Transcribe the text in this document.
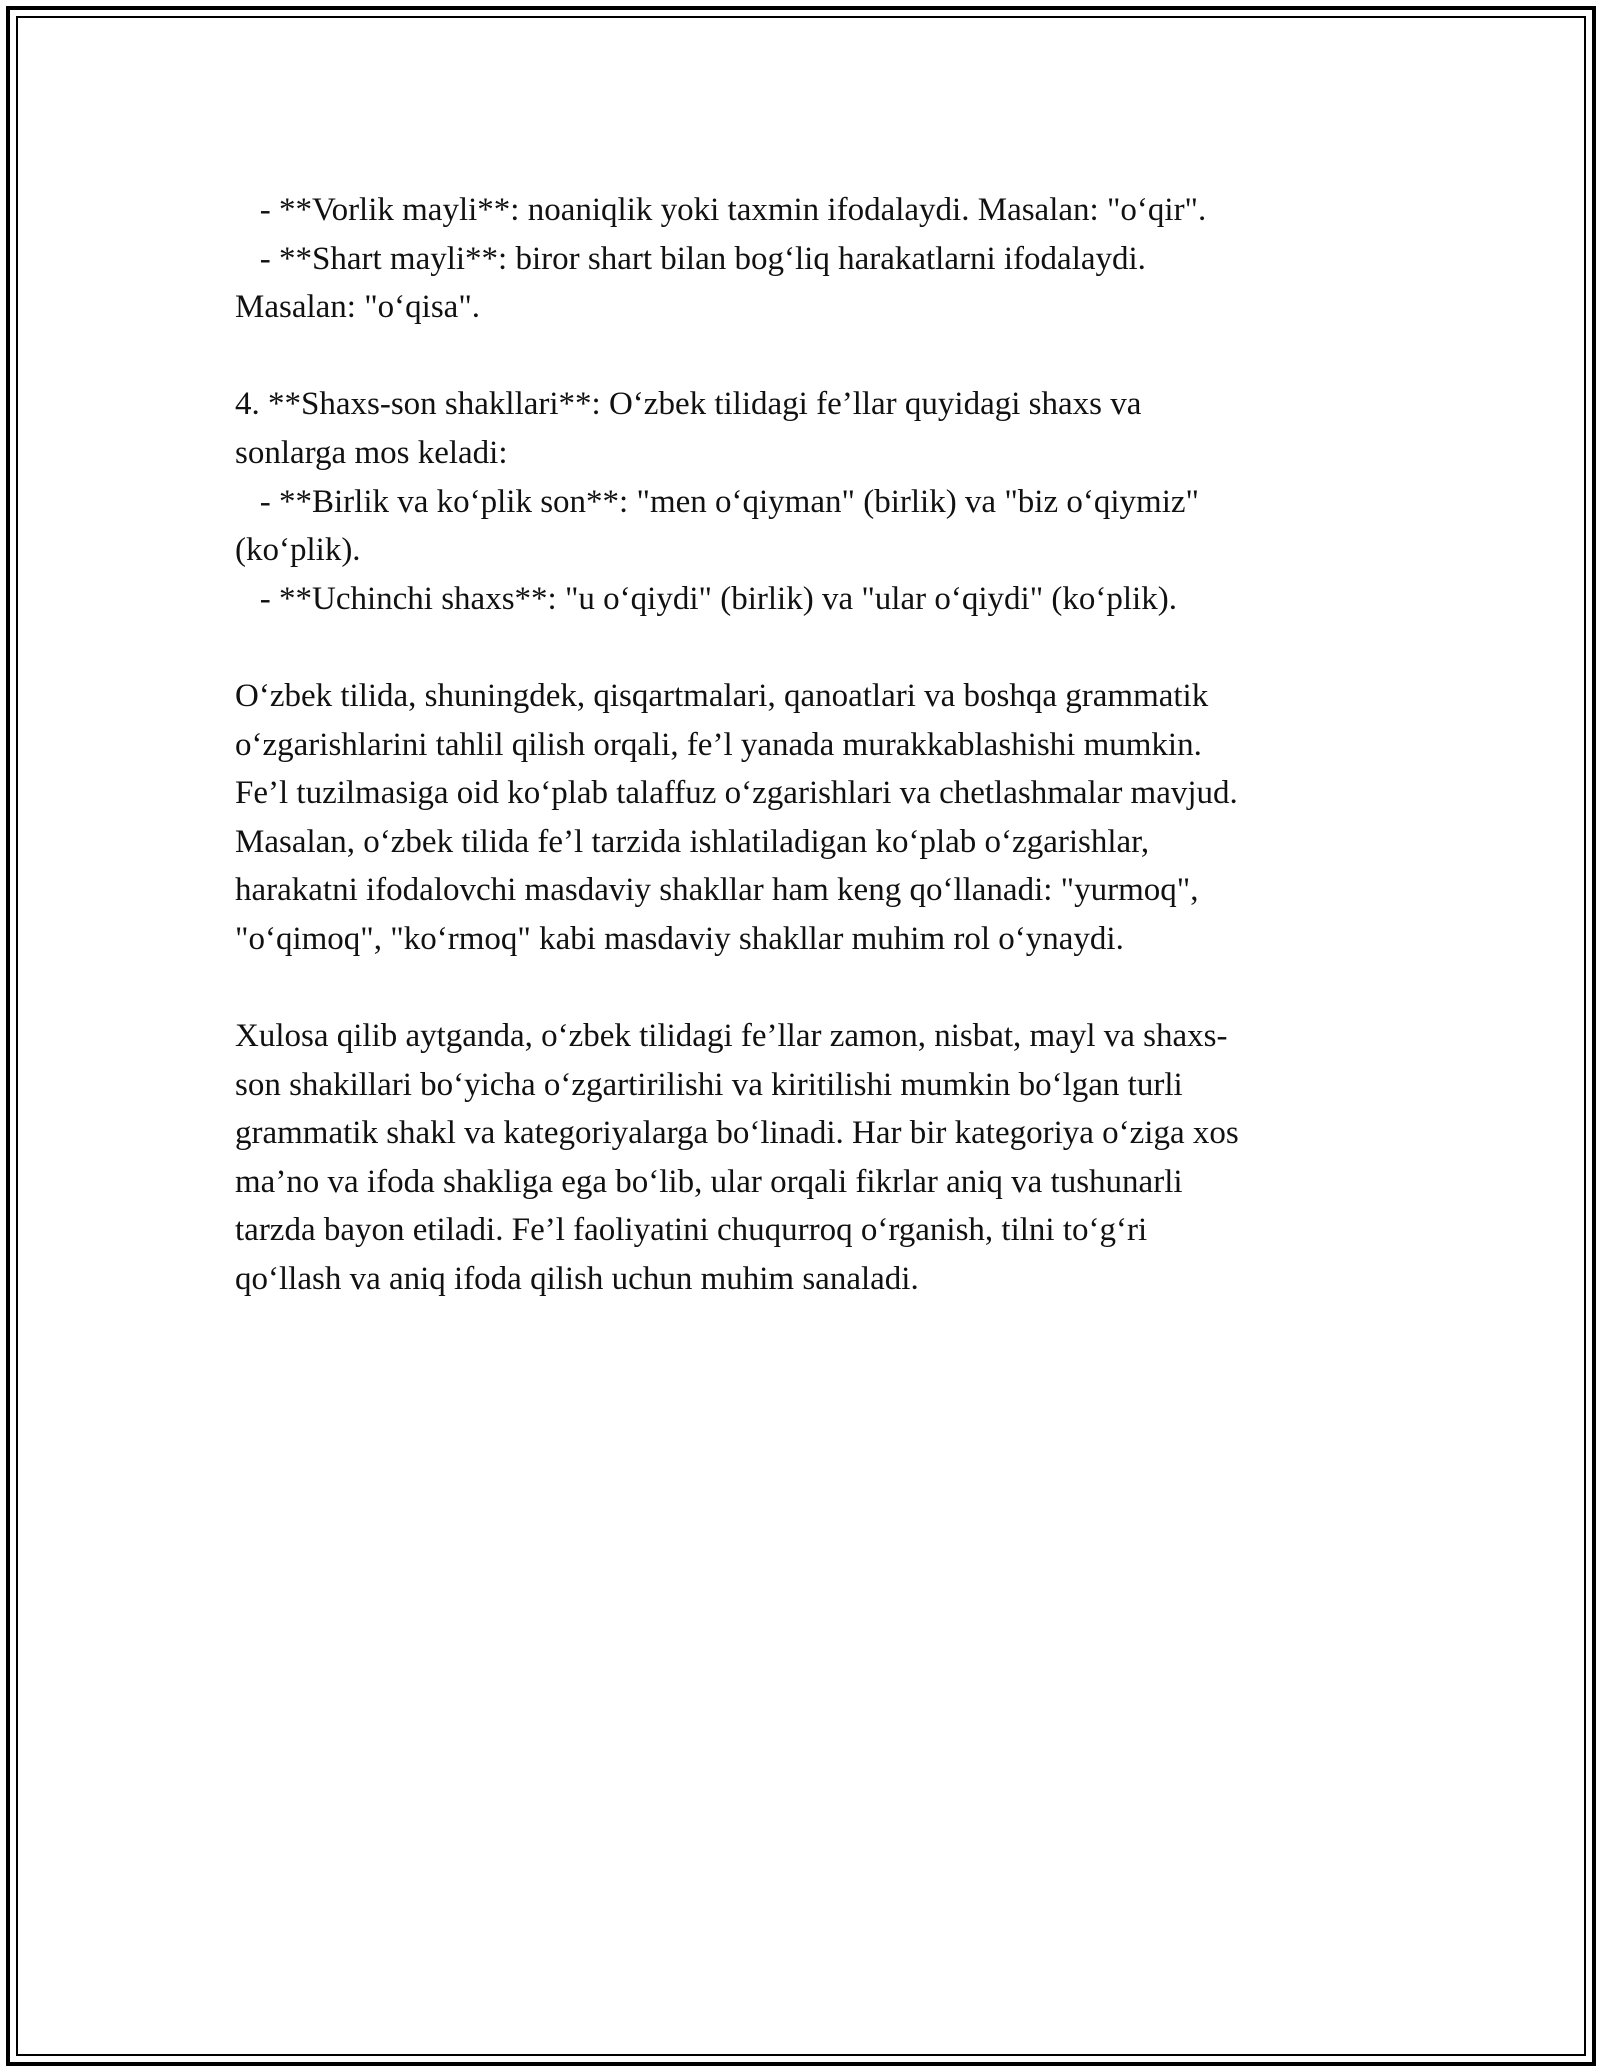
- **Vorlik mayli**: noaniqlik yoki taxmin ifodalaydi. Masalan: "o‘qir".
- **Shart mayli**: biror shart bilan bog‘liq harakatlarni ifodalaydi.
Masalan: "o‘qisa".
4. **Shaxs-son shakllari**: O‘zbek tilidagi fe’llar quyidagi shaxs va
sonlarga mos keladi:
- **Birlik va ko‘plik son**: "men o‘qiyman" (birlik) va "biz o‘qiymiz"
(ko‘plik).
- **Uchinchi shaxs**: "u o‘qiydi" (birlik) va "ular o‘qiydi" (ko‘plik).
O‘zbek tilida, shuningdek, qisqartmalari, qanoatlari va boshqa grammatik
o‘zgarishlarini tahlil qilish orqali, fe’l yanada murakkablashishi mumkin.
Fe’l tuzilmasiga oid ko‘plab talaffuz o‘zgarishlari va chetlashmalar mavjud.
Masalan, o‘zbek tilida fe’l tarzida ishlatiladigan ko‘plab o‘zgarishlar,
harakatni ifodalovchi masdaviy shakllar ham keng qo‘llanadi: "yurmoq",
"o‘qimoq", "ko‘rmoq" kabi masdaviy shakllar muhim rol o‘ynaydi.
Xulosa qilib aytganda, o‘zbek tilidagi fe’llar zamon, nisbat, mayl va shaxs-
son shakillari bo‘yicha o‘zgartirilishi va kiritilishi mumkin bo‘lgan turli
grammatik shakl va kategoriyalarga bo‘linadi. Har bir kategoriya o‘ziga xos
ma’no va ifoda shakliga ega bo‘lib, ular orqali fikrlar aniq va tushunarli
tarzda bayon etiladi. Fe’l faoliyatini chuqurroq o‘rganish, tilni to‘g‘ri
qo‘llash va aniq ifoda qilish uchun muhim sanaladi.
